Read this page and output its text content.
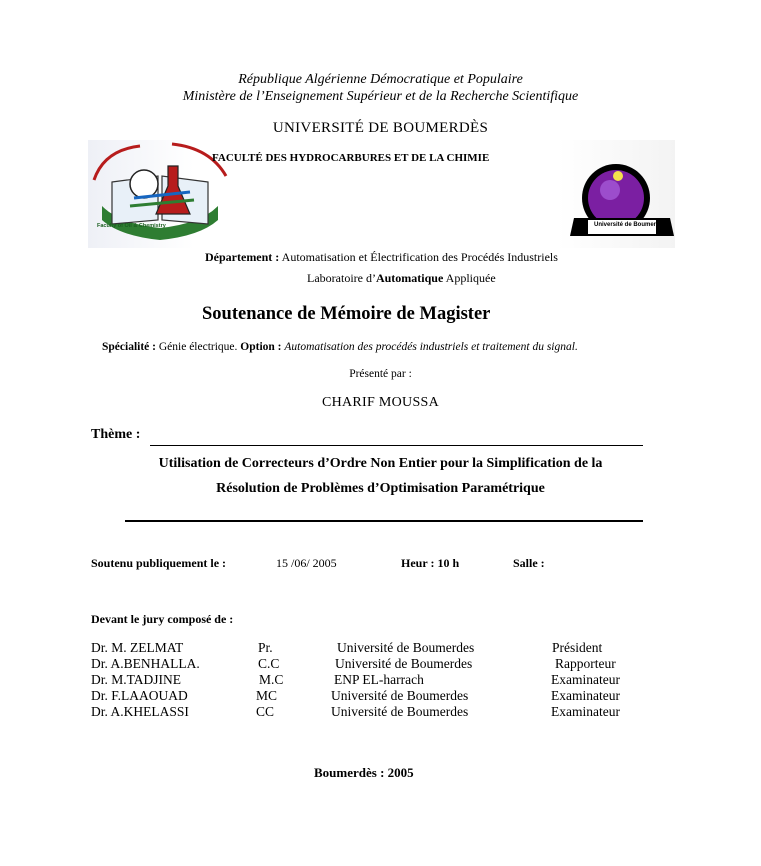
République Algérienne Démocratique et Populaire
Ministère de l’Enseignement Supérieur et de la Recherche Scientifique
UNIVERSITÉ DE BOUMERDÈS
Faculty of Oil & Chemistry
FACULTÉ DES HYDROCARBURES ET DE LA CHIMIE
Université de Boumerdès
Département : Automatisation et Électrification des Procédés Industriels
Laboratoire d’Automatique Appliquée
Soutenance de Mémoire de Magister
Spécialité : Génie électrique. Option : Automatisation des procédés industriels et traitement du signal.
Présenté par :
CHARIF MOUSSA
Thème :
Utilisation de Correcteurs d’Ordre Non Entier pour la Simplification de la
Résolution de Problèmes d’Optimisation Paramétrique
Soutenu publiquement le :	15 /06/ 2005	Heur : 10 h	Salle :
Devant le jury composé de :
Dr. M. ZELMAT	Pr.	Université de Boumerdes	Président
Dr. A.BENHALLA.	C.C	Université de Boumerdes	Rapporteur
Dr. M.TADJINE	M.C	ENP EL-harrach	Examinateur
Dr. F.LAAOUAD	MC	Université de Boumerdes	Examinateur
Dr. A.KHELASSI	CC	Université de Boumerdes	Examinateur
Boumerdès : 2005
